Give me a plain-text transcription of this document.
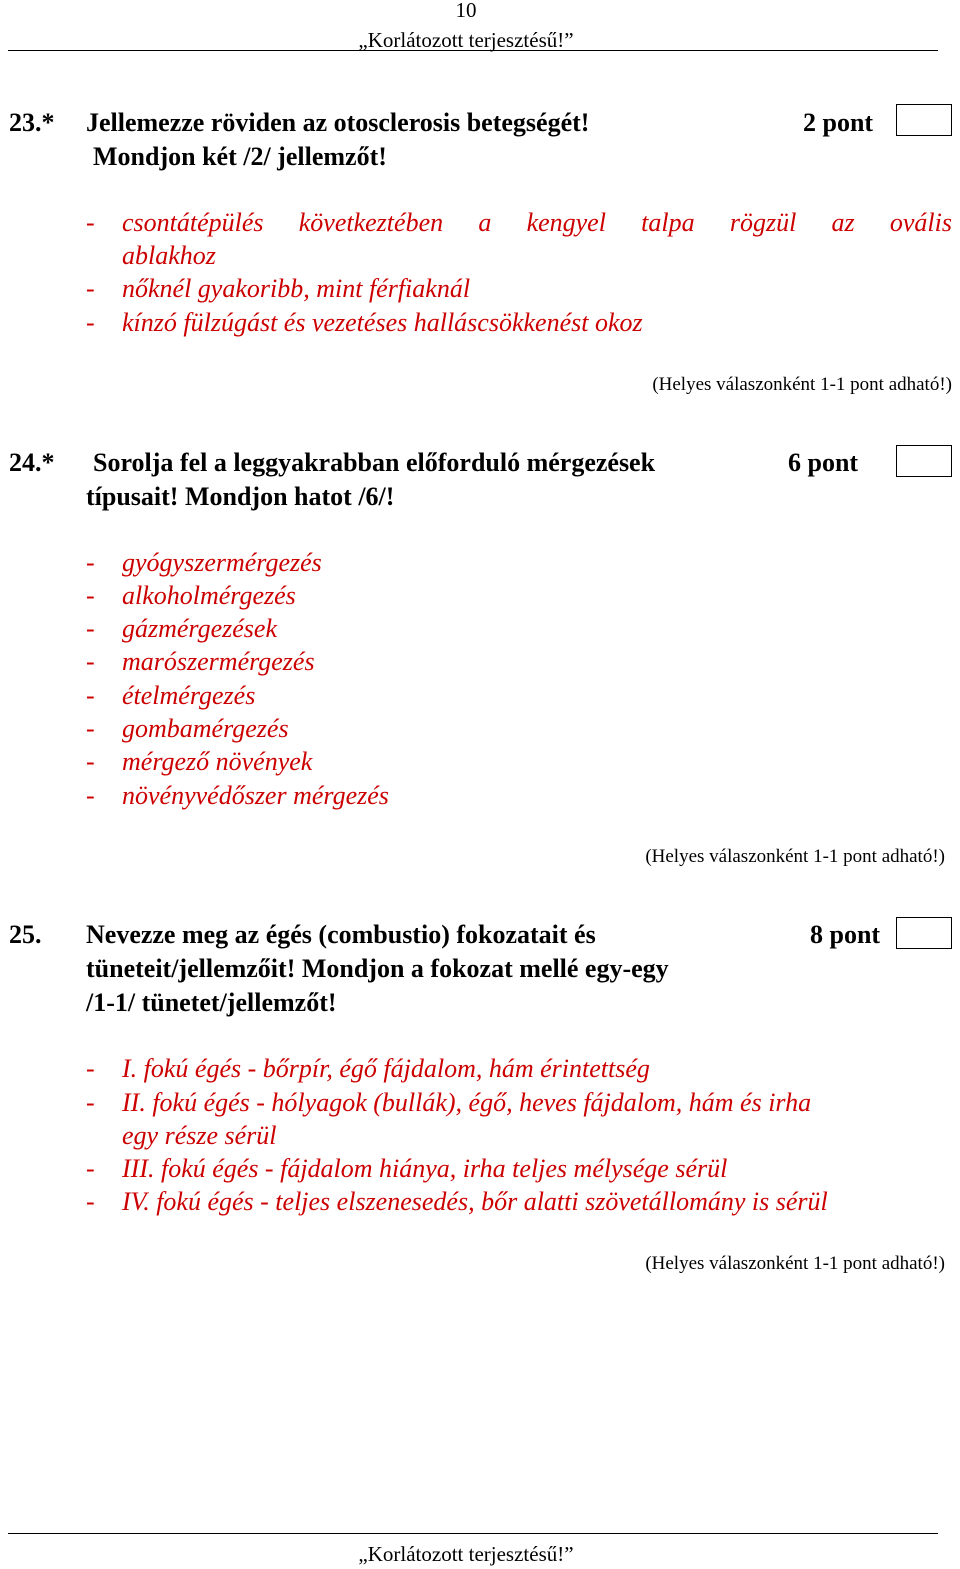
10
„Korlátozott terjesztésű!”
23.* Jellemezze röviden az otosclerosis betegségét!	2 pont
Mondjon két /2/ jellemzőt!
- csontátépülés következtében a kengyel talpa rögzül az ovális
ablakhoz
- nőknél gyakoribb, mint férfiaknál
- kínzó fülzúgást és vezetéses halláscsökkenést okoz
(Helyes válaszonként 1-1 pont adható!)
24.* Sorolja fel a leggyakrabban előforduló mérgezések	6 pont
típusait! Mondjon hatot /6/!
- gyógyszermérgezés
- alkoholmérgezés
- gázmérgezések
- marószermérgezés
- ételmérgezés
- gombamérgezés
- mérgező növények
- növényvédőszer mérgezés
(Helyes válaszonként 1-1 pont adható!)
25. Nevezze meg az égés (combustio) fokozatait és	8 pont
tüneteit/jellemzőit! Mondjon a fokozat mellé egy-egy
/1-1/ tünetet/jellemzőt!
- I. fokú égés - bőrpír, égő fájdalom, hám érintettség
- II. fokú égés - hólyagok (bullák), égő, heves fájdalom, hám és irha
egy része sérül
- III. fokú égés - fájdalom hiánya, irha teljes mélysége sérül
- IV. fokú égés - teljes elszenesedés, bőr alatti szövetállomány is sérül
(Helyes válaszonként 1-1 pont adható!)
„Korlátozott terjesztésű!”
